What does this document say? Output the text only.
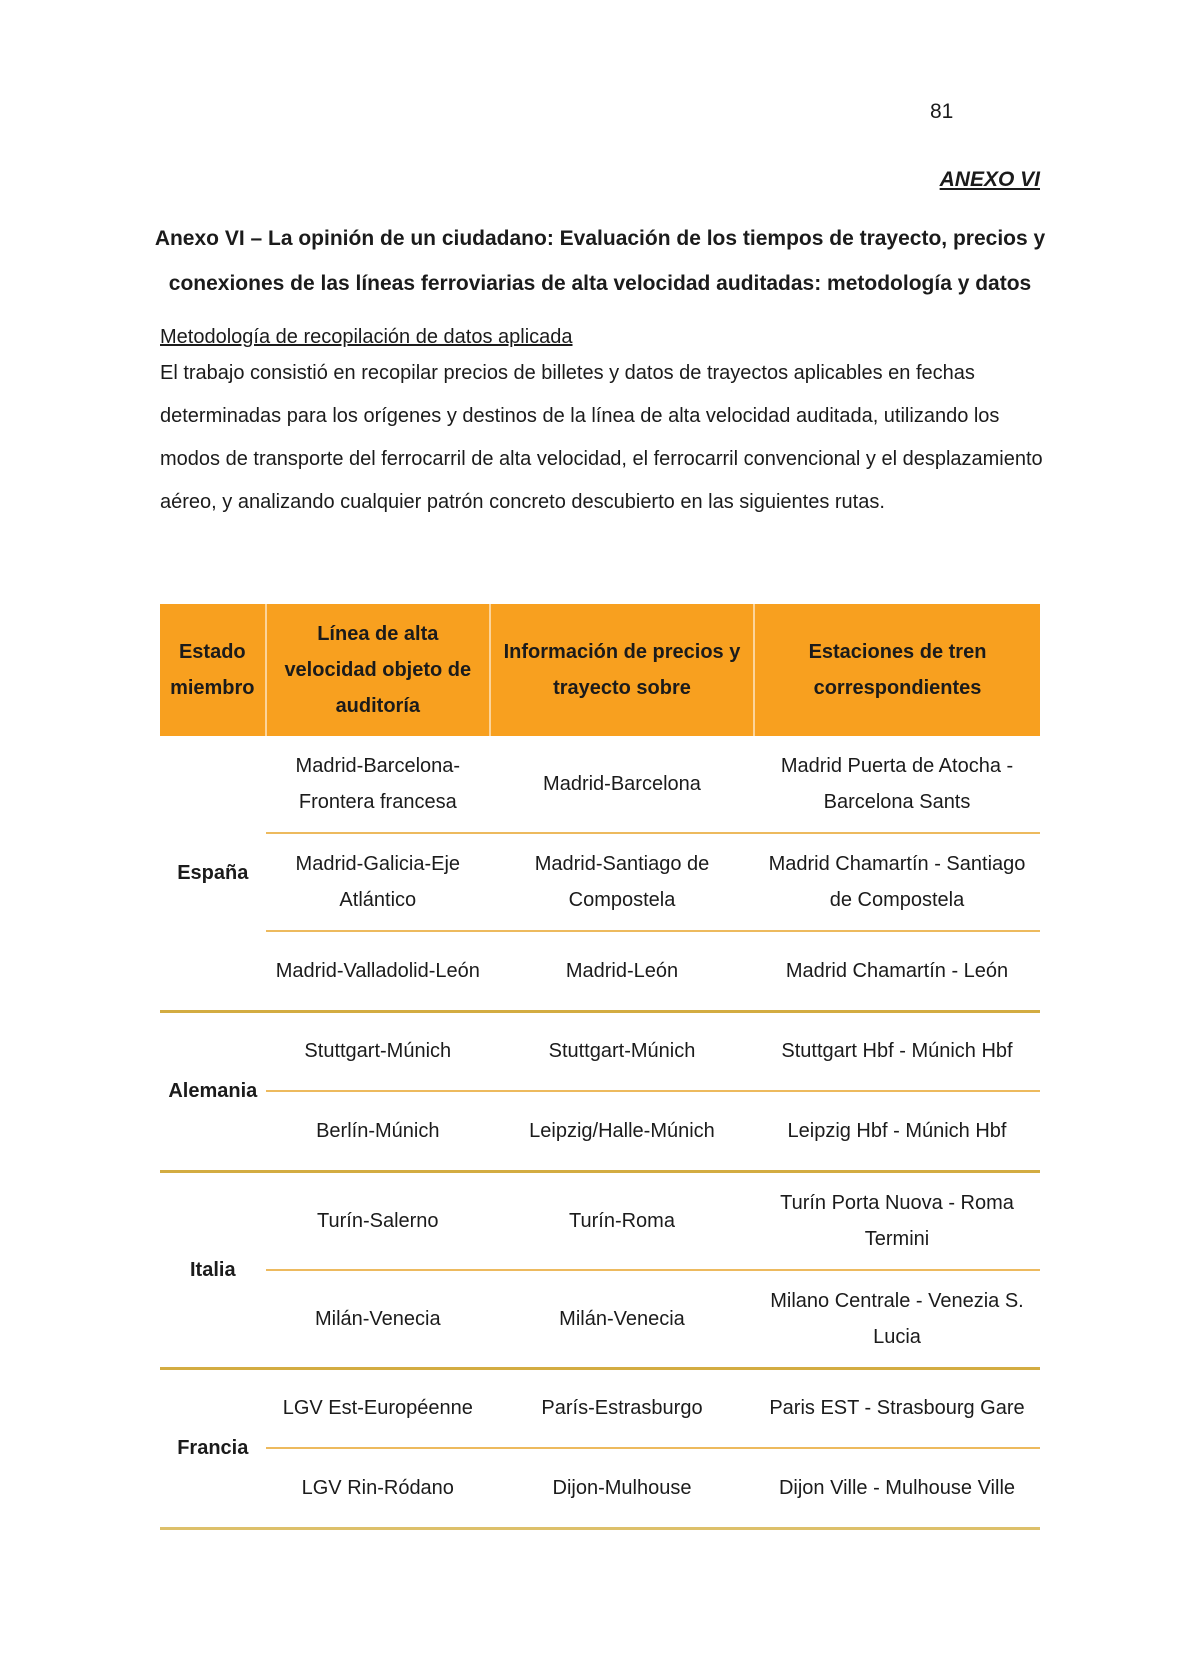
81
ANEXO VI
Anexo VI – La opinión de un ciudadano: Evaluación de los tiempos de trayecto, precios y conexiones de las líneas ferroviarias de alta velocidad auditadas: metodología y datos
Metodología de recopilación de datos aplicada
El trabajo consistió en recopilar precios de billetes y datos de trayectos aplicables en fechas determinadas para los orígenes y destinos de la línea de alta velocidad auditada, utilizando los modos de transporte del ferrocarril de alta velocidad, el ferrocarril convencional y el desplazamiento aéreo, y analizando cualquier patrón concreto descubierto en las siguientes rutas.
Estado miembro	Línea de alta velocidad objeto de auditoría	Información de precios y trayecto sobre	Estaciones de tren correspondientes
España	Madrid-Barcelona-Frontera francesa	Madrid-Barcelona	Madrid Puerta de Atocha - Barcelona Sants
	Madrid-Galicia-Eje Atlántico	Madrid-Santiago de Compostela	Madrid Chamartín - Santiago de Compostela
	Madrid-Valladolid-León	Madrid-León	Madrid Chamartín - León
Alemania	Stuttgart-Múnich	Stuttgart-Múnich	Stuttgart Hbf - Múnich Hbf
	Berlín-Múnich	Leipzig/Halle-Múnich	Leipzig Hbf - Múnich Hbf
Italia	Turín-Salerno	Turín-Roma	Turín Porta Nuova - Roma Termini
	Milán-Venecia	Milán-Venecia	Milano Centrale - Venezia S. Lucia
Francia	LGV Est-Européenne	París-Estrasburgo	Paris EST - Strasbourg Gare
	LGV Rin-Ródano	Dijon-Mulhouse	Dijon Ville - Mulhouse Ville
